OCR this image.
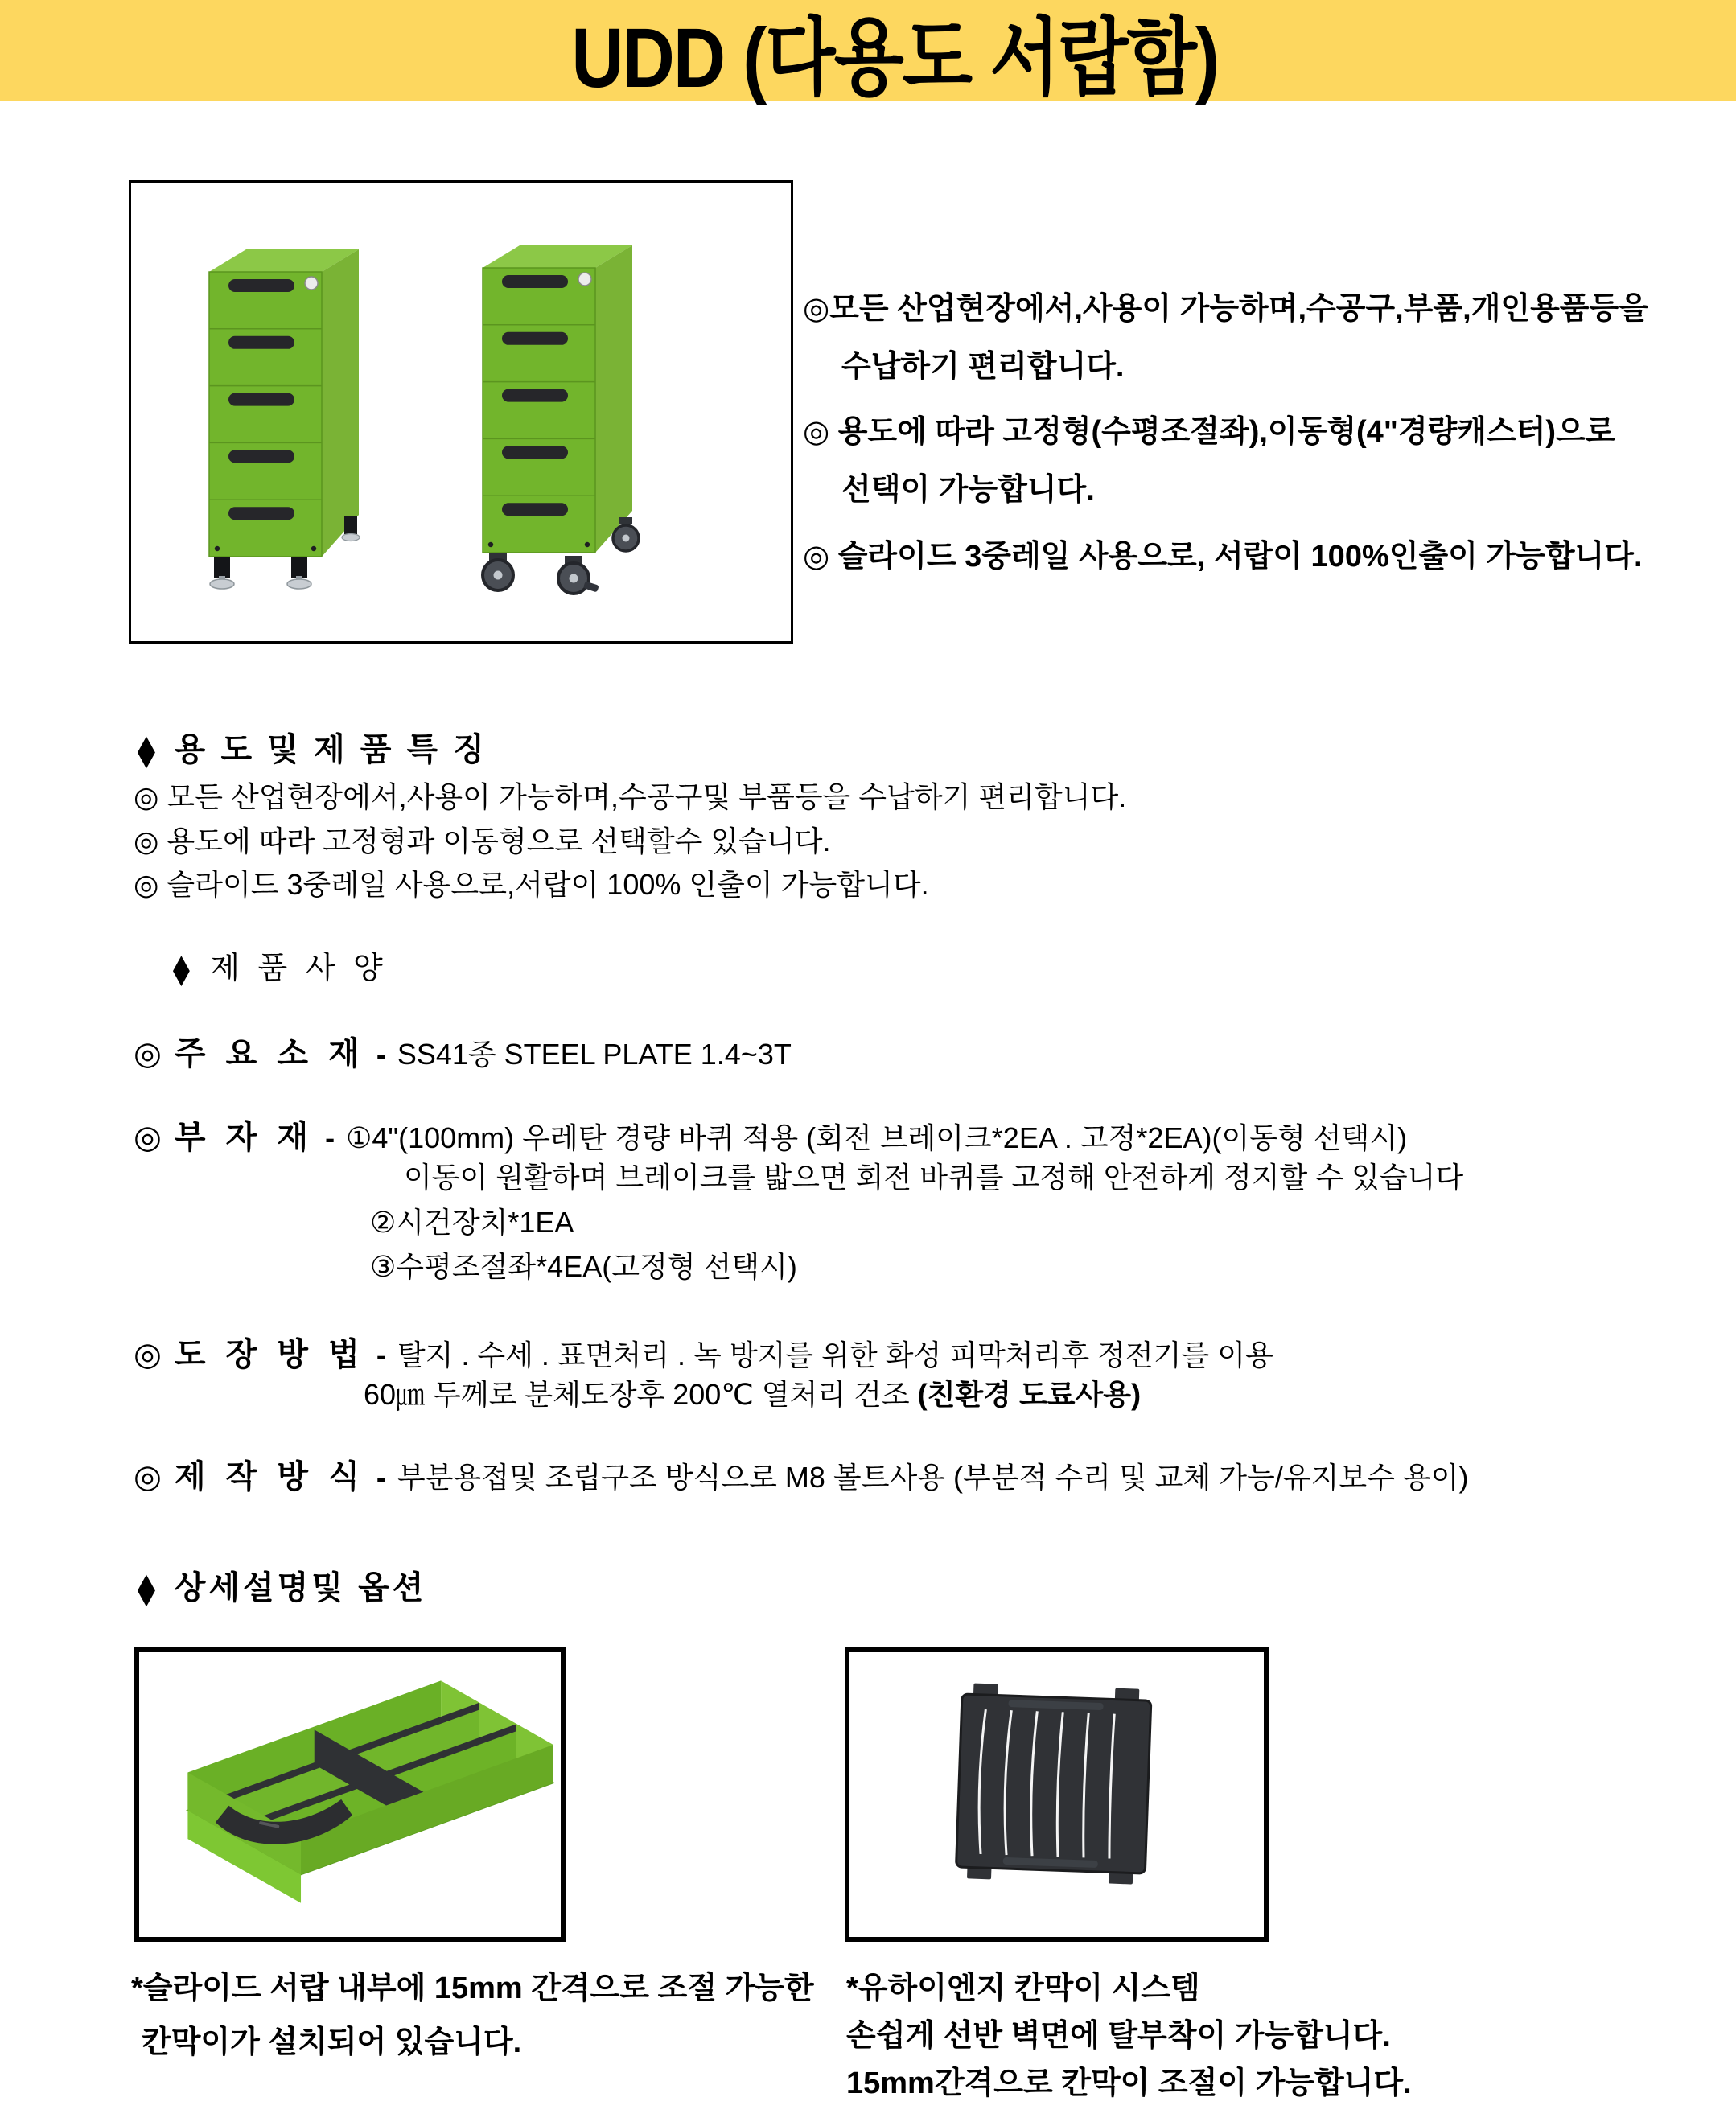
UDD (다용도 서랍함)
◎모든 산업현장에서,사용이 가능하며,수공구,부품,개인용품등을
수납하기 편리합니다.
◎ 용도에 따라 고정형(수평조절좌),이동형(4"경량캐스터)으로
선택이 가능합니다.
◎ 슬라이드 3중레일 사용으로, 서랍이 100%인출이 가능합니다.
◆ 용 도 및 제 품 특 징
◎ 모든 산업현장에서,사용이 가능하며,수공구및 부품등을 수납하기 편리합니다.
◎ 용도에 따라 고정형과 이동형으로 선택할수 있습니다.
◎ 슬라이드 3중레일 사용으로,서랍이 100% 인출이 가능합니다.
◆ 제 품 사 양
◎ 주 요 소 재 - SS41종 STEEL PLATE 1.4~3T
◎ 부 자 재 - ①4"(100mm) 우레탄 경량 바퀴 적용 (회전 브레이크*2EA . 고정*2EA)(이동형 선택시)
이동이 원활하며 브레이크를 밟으면 회전 바퀴를 고정해 안전하게 정지할 수 있습니다
②시건장치*1EA
③수평조절좌*4EA(고정형 선택시)
◎ 도 장 방 법 - 탈지 . 수세 . 표면처리 . 녹 방지를 위한 화성 피막처리후 정전기를 이용
60㎛ 두께로 분체도장후 200℃ 열처리 건조 (친환경 도료사용)
◎ 제 작 방 식 - 부분용접및 조립구조 방식으로 M8 볼트사용 (부분적 수리 및 교체 가능/유지보수 용이)
◆ 상세설명및 옵션
*슬라이드 서랍 내부에 15mm 간격으로 조절 가능한
칸막이가 설치되어 있습니다.
*유하이엔지 칸막이 시스템
손쉽게 선반 벽면에 탈부착이 가능합니다.
15mm간격으로 칸막이 조절이 가능합니다.
